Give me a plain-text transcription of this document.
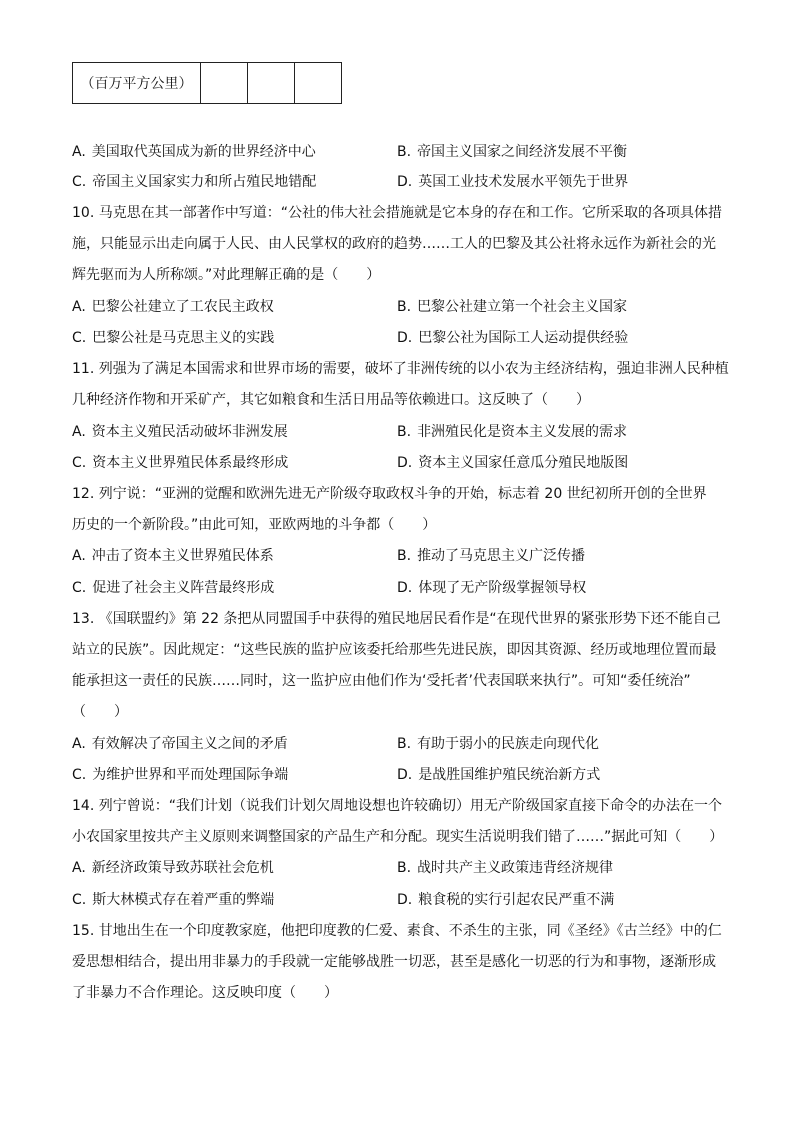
（百万平方公里）			
A. 美国取代英国成为新的世界经济中心	B. 帝国主义国家之间经济发展不平衡
C. 帝国主义国家实力和所占殖民地错配	D. 英国工业技术发展水平领先于世界
10. 马克思在其一部著作中写道：“公社的伟大社会措施就是它本身的存在和工作。它所采取的各项具体措
施，只能显示出走向属于人民、由人民掌权的政府的趋势……工人的巴黎及其公社将永远作为新社会的光
辉先驱而为人所称颂。”对此理解正确的是（　　）
A. 巴黎公社建立了工农民主政权	B. 巴黎公社建立第一个社会主义国家
C. 巴黎公社是马克思主义的实践	D. 巴黎公社为国际工人运动提供经验
11. 列强为了满足本国需求和世界市场的需要，破坏了非洲传统的以小农为主经济结构，强迫非洲人民种植
几种经济作物和开采矿产，其它如粮食和生活日用品等依赖进口。这反映了（　　）
A. 资本主义殖民活动破坏非洲发展	B. 非洲殖民化是资本主义发展的需求
C. 资本主义世界殖民体系最终形成	D. 资本主义国家任意瓜分殖民地版图
12. 列宁说：“亚洲的觉醒和欧洲先进无产阶级夺取政权斗争的开始，标志着 20 世纪初所开创的全世界
历史的一个新阶段。”由此可知，亚欧两地的斗争都（　　）
A. 冲击了资本主义世界殖民体系	B. 推动了马克思主义广泛传播
C. 促进了社会主义阵营最终形成	D. 体现了无产阶级掌握领导权
13. 《国联盟约》第 22 条把从同盟国手中获得的殖民地居民看作是“在现代世界的紧张形势下还不能自己
站立的民族”。因此规定：“这些民族的监护应该委托给那些先进民族，即因其资源、经历或地理位置而最
能承担这一责任的民族……同时，这一监护应由他们作为‘受托者’代表国联来执行”。可知“委任统治”
（　　）
A. 有效解决了帝国主义之间的矛盾	B. 有助于弱小的民族走向现代化
C. 为维护世界和平而处理国际争端	D. 是战胜国维护殖民统治新方式
14. 列宁曾说：“我们计划（说我们计划欠周地设想也许较确切）用无产阶级国家直接下命令的办法在一个
小农国家里按共产主义原则来调整国家的产品生产和分配。现实生活说明我们错了……”据此可知（　　）
A. 新经济政策导致苏联社会危机	B. 战时共产主义政策违背经济规律
C. 斯大林模式存在着严重的弊端	D. 粮食税的实行引起农民严重不满
15. 甘地出生在一个印度教家庭，他把印度教的仁爱、素食、不杀生的主张，同《圣经》《古兰经》中的仁
爱思想相结合，提出用非暴力的手段就一定能够战胜一切恶，甚至是感化一切恶的行为和事物，逐渐形成
了非暴力不合作理论。这反映印度（　　）
